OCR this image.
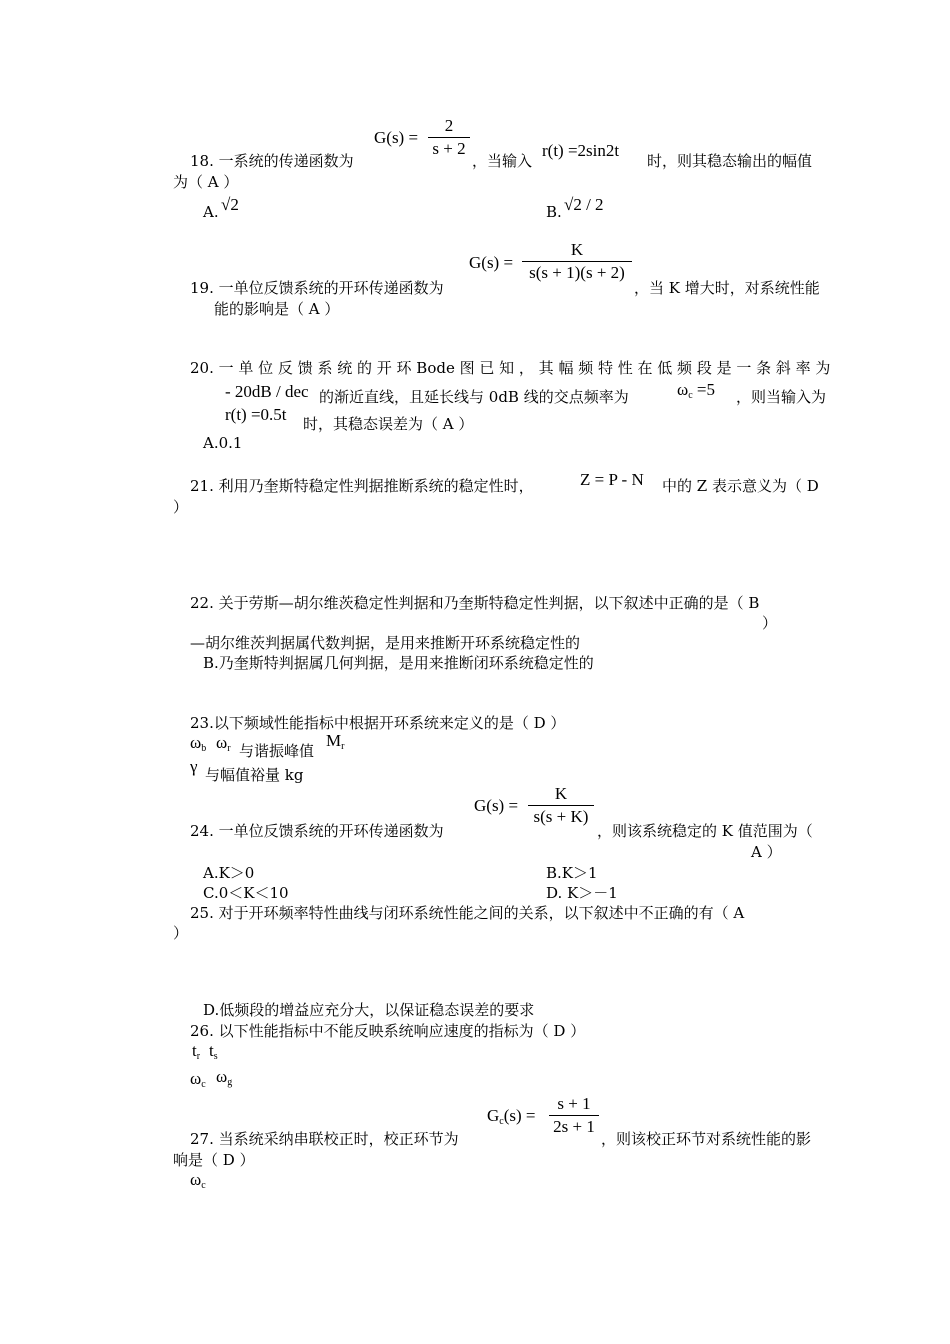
$G(s) = \frac{2}{s + 2}$
18. 一系统的传递函数为	，当输入
r(t) =2sin2t
时，则其稳态输出的幅值
为（ A ）
A. √2	B. √2 / 2
$G(s) = \frac{K}{s(s + 1)(s + 2)}$
19. 一单位反馈系统的开环传递函数为	，当 K 增大时，对系统性能
能的影响是（ A ）
20. 一 单 位 反 馈 系 统 的 开 环 Bode 图 已 知 ， 其 幅 频 特 性 在 低 频 段 是 一 条 斜 率 为
- 20dB / dec 的渐近直线，且延长线与 0dB 线的交点频率为	$\omega_c =5$ ，则当输入为
r(t) =0.5t 时，其稳态误差为（ A ）
A.0.1
21. 利用乃奎斯特稳定性判据推断系统的稳定性时，	Z = P - N 中的 Z 表示意义为（ D
）
22. 关于劳斯—胡尔维茨稳定性判据和乃奎斯特稳定性判据，以下叙述中正确的是（ B
）
—胡尔维茨判据属代数判据，是用来推断开环系统稳定性的
B.乃奎斯特判据属几何判据，是用来推断闭环系统稳定性的
23.以下频域性能指标中根据开环系统来定义的是（ D ）
$\omega_b$ $\omega_r$ 与谐振峰值
$M_r$
γ 与幅值裕量 kg
$G(s) = \frac{K}{s(s + K)}$
24. 一单位反馈系统的开环传递函数为	，则该系统稳定的 K 值范围为（
A ）
A.K＞0	B.K＞1
C.0＜K＜10	D. K＞－1
25. 对于开环频率特性曲线与闭环系统性能之间的关系，以下叙述中不正确的有（ A
）
D.低频段的增益应充分大，以保证稳态误差的要求
26. 以下性能指标中不能反映系统响应速度的指标为（ D ）
$t_r$ $t_s$
$\omega_c$ $\omega_g$
$G_c(s) = \frac{s + 1}{2s + 1}$
27. 当系统采纳串联校正时，校正环节为	，则该校正环节对系统性能的影
响是（ D ）
$\omega_c$
